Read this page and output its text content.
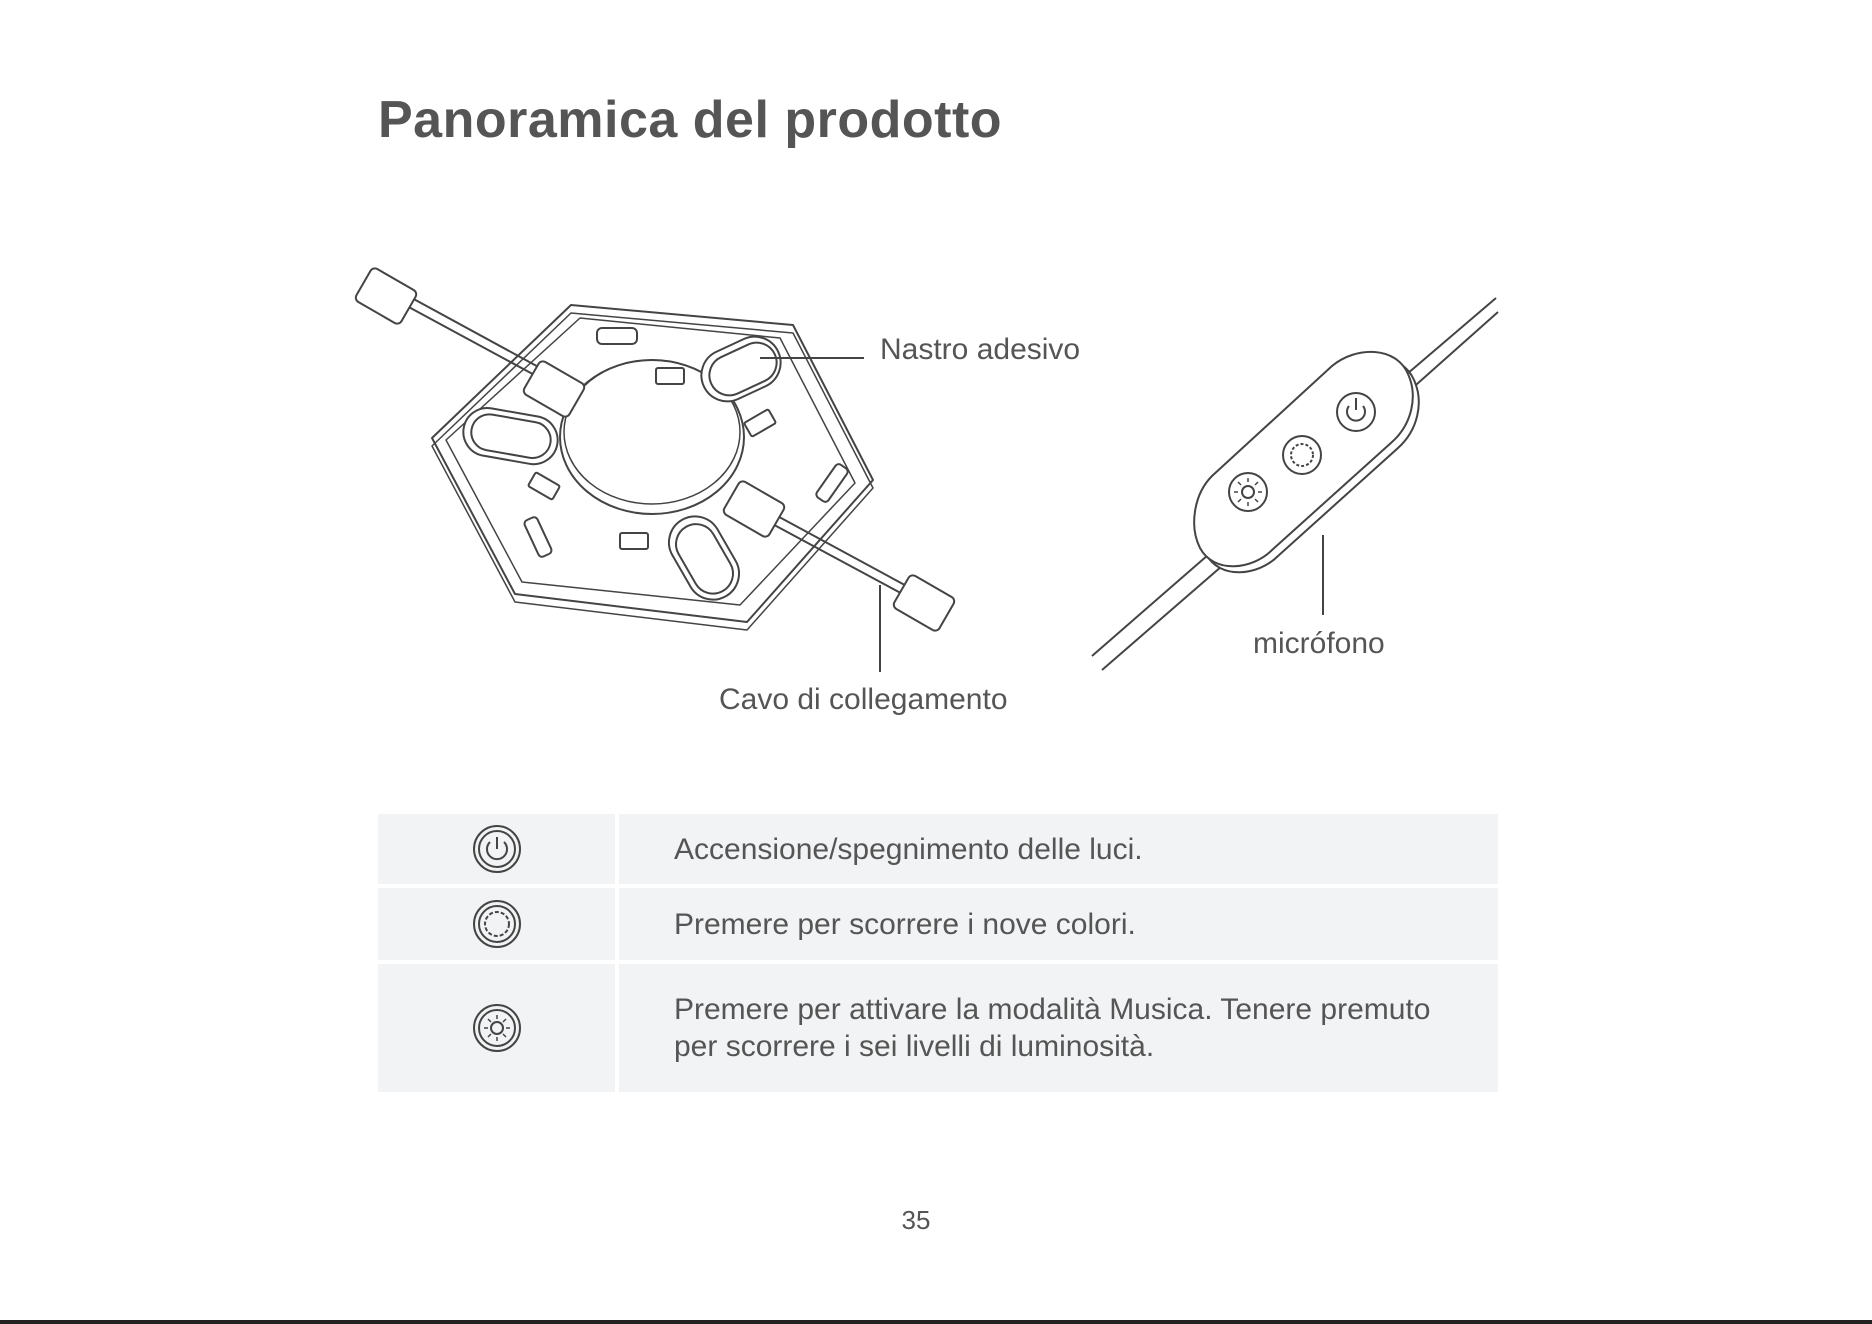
Panoramica del prodotto
Nastro adesivo
Cavo di collegamento
micrófono
Accensione/spegnimento delle luci.
Premere per scorrere i nove colori.
Premere per attivare la modalità Musica. Tenere premuto per scorrere i sei livelli di luminosità.
35
